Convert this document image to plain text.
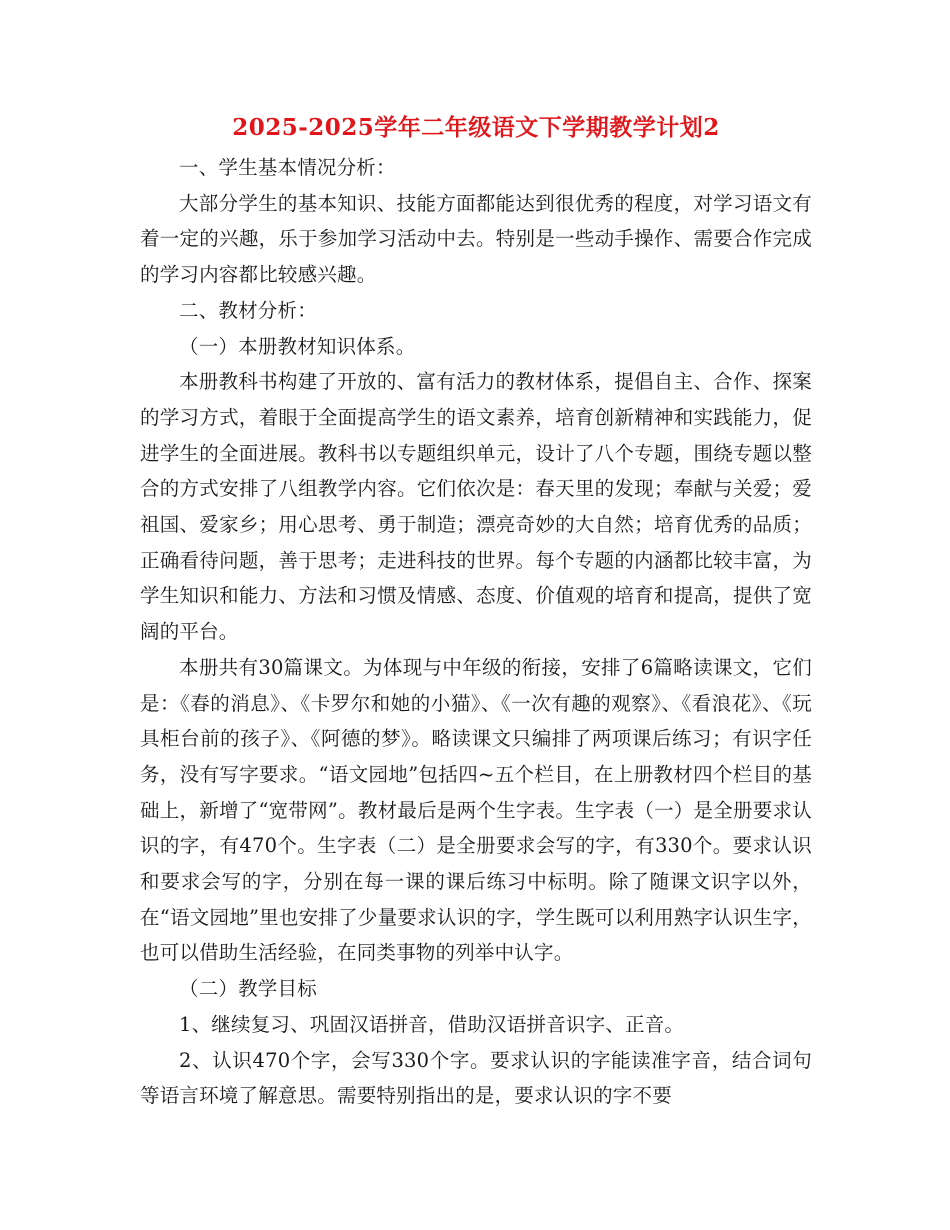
2025-2025学年二年级语文下学期教学计划2

一、学生基本情况分析：

大部分学生的基本知识、技能方面都能达到很优秀的程度，对学习语文有着一定的兴趣，乐于参加学习活动中去。特别是一些动手操作、需要合作完成的学习内容都比较感兴趣。

二、教材分析：

（一）本册教材知识体系。

本册教科书构建了开放的、富有活力的教材体系，提倡自主、合作、探案的学习方式，着眼于全面提高学生的语文素养，培育创新精神和实践能力，促进学生的全面进展。教科书以专题组织单元，设计了八个专题，围绕专题以整合的方式安排了八组教学内容。它们依次是：春天里的发现；奉献与关爱；爱祖国、爱家乡；用心思考、勇于制造；漂亮奇妙的大自然；培育优秀的品质；正确看待问题，善于思考；走进科技的世界。每个专题的内涵都比较丰富，为学生知识和能力、方法和习惯及情感、态度、价值观的培育和提高，提供了宽阔的平台。

本册共有30篇课文。为体现与中年级的衔接，安排了6篇略读课文，它们是：《春的消息》、《卡罗尔和她的小猫》、《一次有趣的观察》、《看浪花》、《玩具柜台前的孩子》、《阿德的梦》。略读课文只编排了两项课后练习；有识字任务，没有写字要求。“语文园地”包括四~五个栏目，在上册教材四个栏目的基础上，新增了“宽带网”。教材最后是两个生字表。生字表（一）是全册要求认识的字，有470个。生字表（二）是全册要求会写的字，有330个。要求认识和要求会写的字，分别在每一课的课后练习中标明。除了随课文识字以外，在“语文园地”里也安排了少量要求认识的字，学生既可以利用熟字认识生字，也可以借助生活经验，在同类事物的列举中认字。

（二）教学目标

1、继续复习、巩固汉语拼音，借助汉语拼音识字、正音。

2、认识470个字，会写330个字。要求认识的字能读准字音，结合词句等语言环境了解意思。需要特别指出的是，要求认识的字不要
